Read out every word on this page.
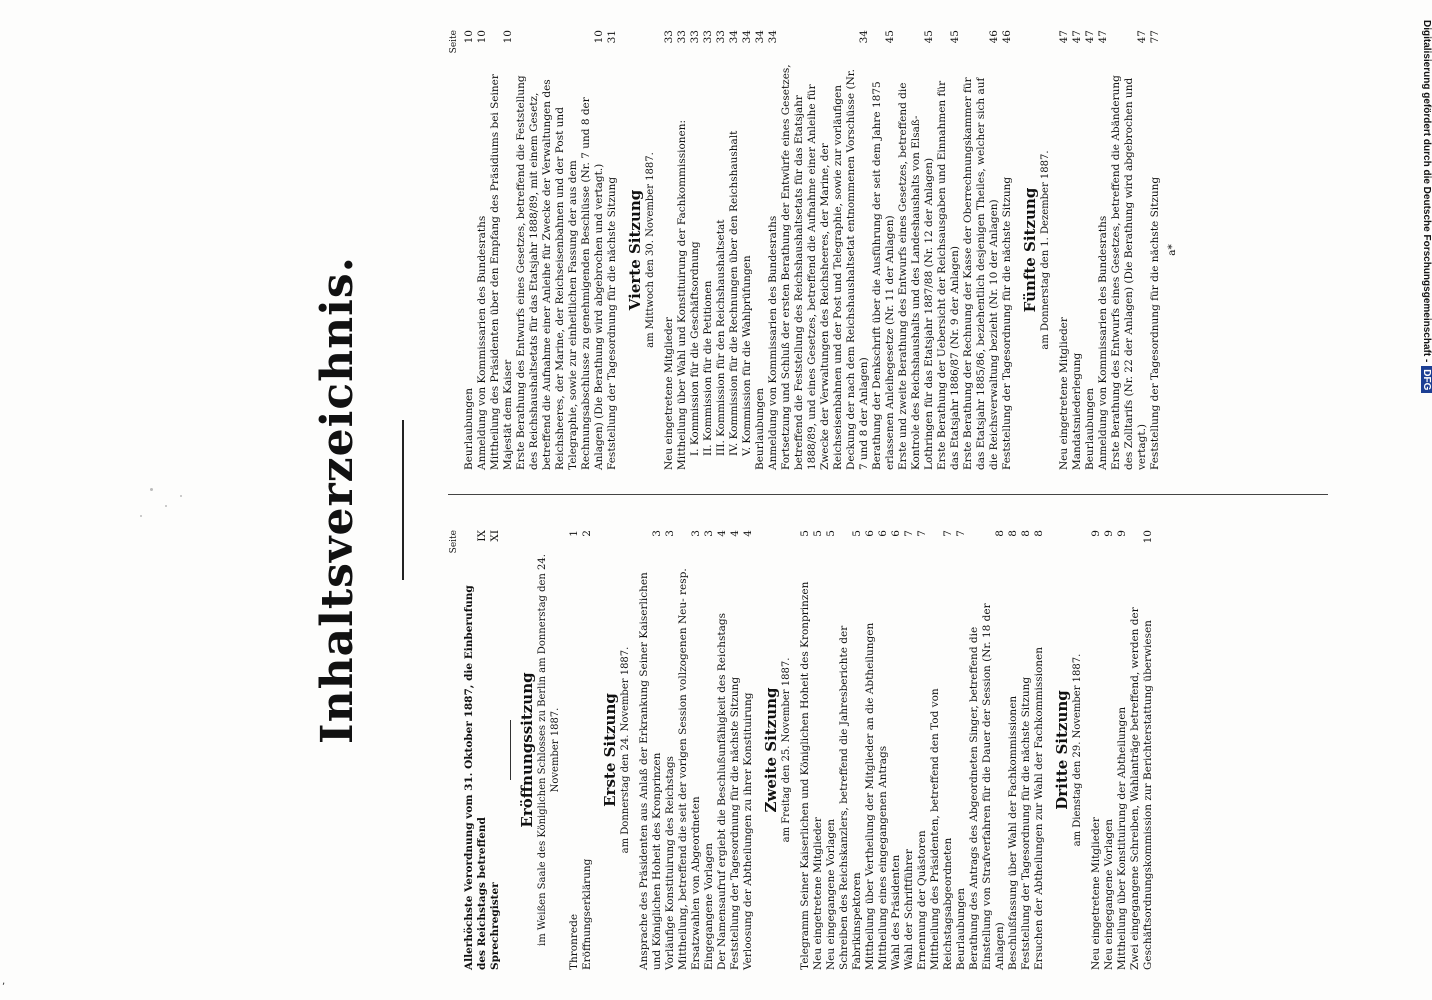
Inhaltsverzeichnis.	Seite
Allerhöchste Verordnung vom 31. Oktober 1887, die Einberufung des Reichstags betreffend
IX
Sprechregister
XI
Eröffnungssitzung im Weißen Saale des Königlichen Schlosses zu Berlin am Donnerstag den 24. November 1887.
Thronrede
1
Eröffnungserklärung
2
Erste Sitzung am Donnerstag den 24. November 1887. Ansprache des Präsidenten aus Anlaß der Erkrankung Seiner Kaiserlichen und Königlichen Hoheit des Kronprinzen
3
Vorläufige Konstituirung des Reichstags
3
Mittheilung, betreffend die seit der vorigen Session vollzogenen Neu- resp. Ersatzwahlen von Abgeordneten
3
Eingegangene Vorlagen
3
Der Namensaufruf ergiebt die Beschlußunfähigkeit des Reichstags
4
Feststellung der Tagesordnung für die nächste Sitzung
4
Verloosung der Abtheilungen zu ihrer Konstituirung
4
Zweite Sitzung am Freitag den 25. November 1887. Telegramm Seiner Kaiserlichen und Königlichen Hoheit des Kronprinzen
5
Neu eingetretene Mitglieder
5
Neu eingegangene Vorlagen
5
Schreiben des Reichskanzlers, betreffend die Jahresberichte der Fabrikinspektoren
5
Mittheilung über Vertheilung der Mitglieder an die Abtheilungen
6
Mittheilung eines eingegangenen Antrags
6
Wahl des Präsidenten
6
Wahl der Schriftführer
7
Ernennung der Quästoren
7
Mittheilung des Präsidenten, betreffend den Tod von Reichstagsabgeordneten
7
Beurlaubungen
7
Berathung des Antrags des Abgeordneten Singer, betreffend die Einstellung von Strafverfahren für die Dauer der Session (Nr. 18 der Anlagen)
8
Beschlußfassung über Wahl der Fachkommissionen
8
Feststellung der Tagesordnung für die nächste Sitzung
8
Ersuchen der Abtheilungen zur Wahl der Fachkommissionen
8
Dritte Sitzung am Dienstag den 29. November 1887.
Neu eingetretene Mitglieder
9
Neu eingegangene Vorlagen
9
Mittheilung über Konstituirung der Abtheilungen
9
Zwei eingegangene Schreiben, Wahlanträge betreffend, werden der Geschäftsordnungskommission zur Berichterstattung überwiesen
10
Seite
Beurlaubungen
10
Anmeldung von Kommissarien des Bundesraths
10
Mittheilung des Präsidenten über den Empfang des Präsidiums bei Seiner Majestät dem Kaiser
10
Erste Berathung des Entwurfs eines Gesetzes, betreffend die Feststellung des Reichshaushaltsetats für das Etatsjahr 1888/89, mit einem Gesetz, betreffend die Aufnahme einer Anleihe für Zwecke der Verwaltungen des Reichsheeres, der Marine, der Reichseisenbahnen und der Post und Telegraphie, sowie zur einheitlichen Fassung der aus dem Rechnungsabschlusse zu genehmigenden Beschlüsse (Nr. 7 und 8 der Anlagen) (Die Berathung wird abgebrochen und vertagt.)
10
Feststellung der Tagesordnung für die nächste Sitzung
31
Vierte Sitzung am Mittwoch den 30. November 1887.
Neu eingetretene Mitglieder
33
Mittheilung über Wahl und Konstituirung der Fachkommissionen:
33
I. Kommission für die Geschäftsordnung
33
II. Kommission für die Petitionen
33
III. Kommission für den Reichshaushaltsetat
33
IV. Kommission für die Rechnungen über den Reichshaushalt
34
V. Kommission für die Wahlprüfungen
34
Beurlaubungen
34
Anmeldung von Kommissarien des Bundesraths
34
Fortsetzung und Schluß der ersten Berathung der Entwürfe eines Gesetzes, betreffend die Feststellung des Reichshaushaltsetats für das Etatsjahr 1888/89, und eines Gesetzes, betreffend die Aufnahme einer Anleihe für Zwecke der Verwaltungen des Reichsheeres, der Marine, der Reichseisenbahnen und der Post und Telegraphie, sowie zur vorläufigen Deckung der nach dem Reichshaushaltsetat entnommenen Vorschüsse (Nr. 7 und 8 der Anlagen)
34
Berathung der Denkschrift über die Ausführung der seit dem Jahre 1875 erlassenen Anleihegesetze (Nr. 11 der Anlagen)
45
Erste und zweite Berathung des Entwurfs eines Gesetzes, betreffend die Kontrole des Reichshaushalts und des Landeshaushalts von Elsaß-Lothringen für das Etatsjahr 1887/88 (Nr. 12 der Anlagen)
45
Erste Berathung der Uebersicht der Reichsausgaben und Einnahmen für das Etatsjahr 1886/87 (Nr. 9 der Anlagen)
45
Erste Berathung der Rechnung der Kasse der Oberrechnungskammer für das Etatsjahr 1885/86, beziehentlich desjenigen Theiles, welcher sich auf die Reichsverwaltung bezieht (Nr. 10 der Anlagen)
46
Feststellung der Tagesordnung für die nächste Sitzung
46
Fünfte Sitzung am Donnerstag den 1. Dezember 1887.
Neu eingetretene Mitglieder
47
Mandatsniederlegung
47
Beurlaubungen
47
Anmeldung von Kommissarien des Bundesraths
47
Erste Berathung des Entwurfs eines Gesetzes, betreffend die Abänderung des Zolltarifs (Nr. 22 der Anlagen) (Die Berathung wird abgebrochen und vertagt.)
47
Feststellung der Tagesordnung für die nächste Sitzung
77
a*
,
Digitalisierung gefördert durch die Deutsche Forschungsgemeinschaft -DFG
